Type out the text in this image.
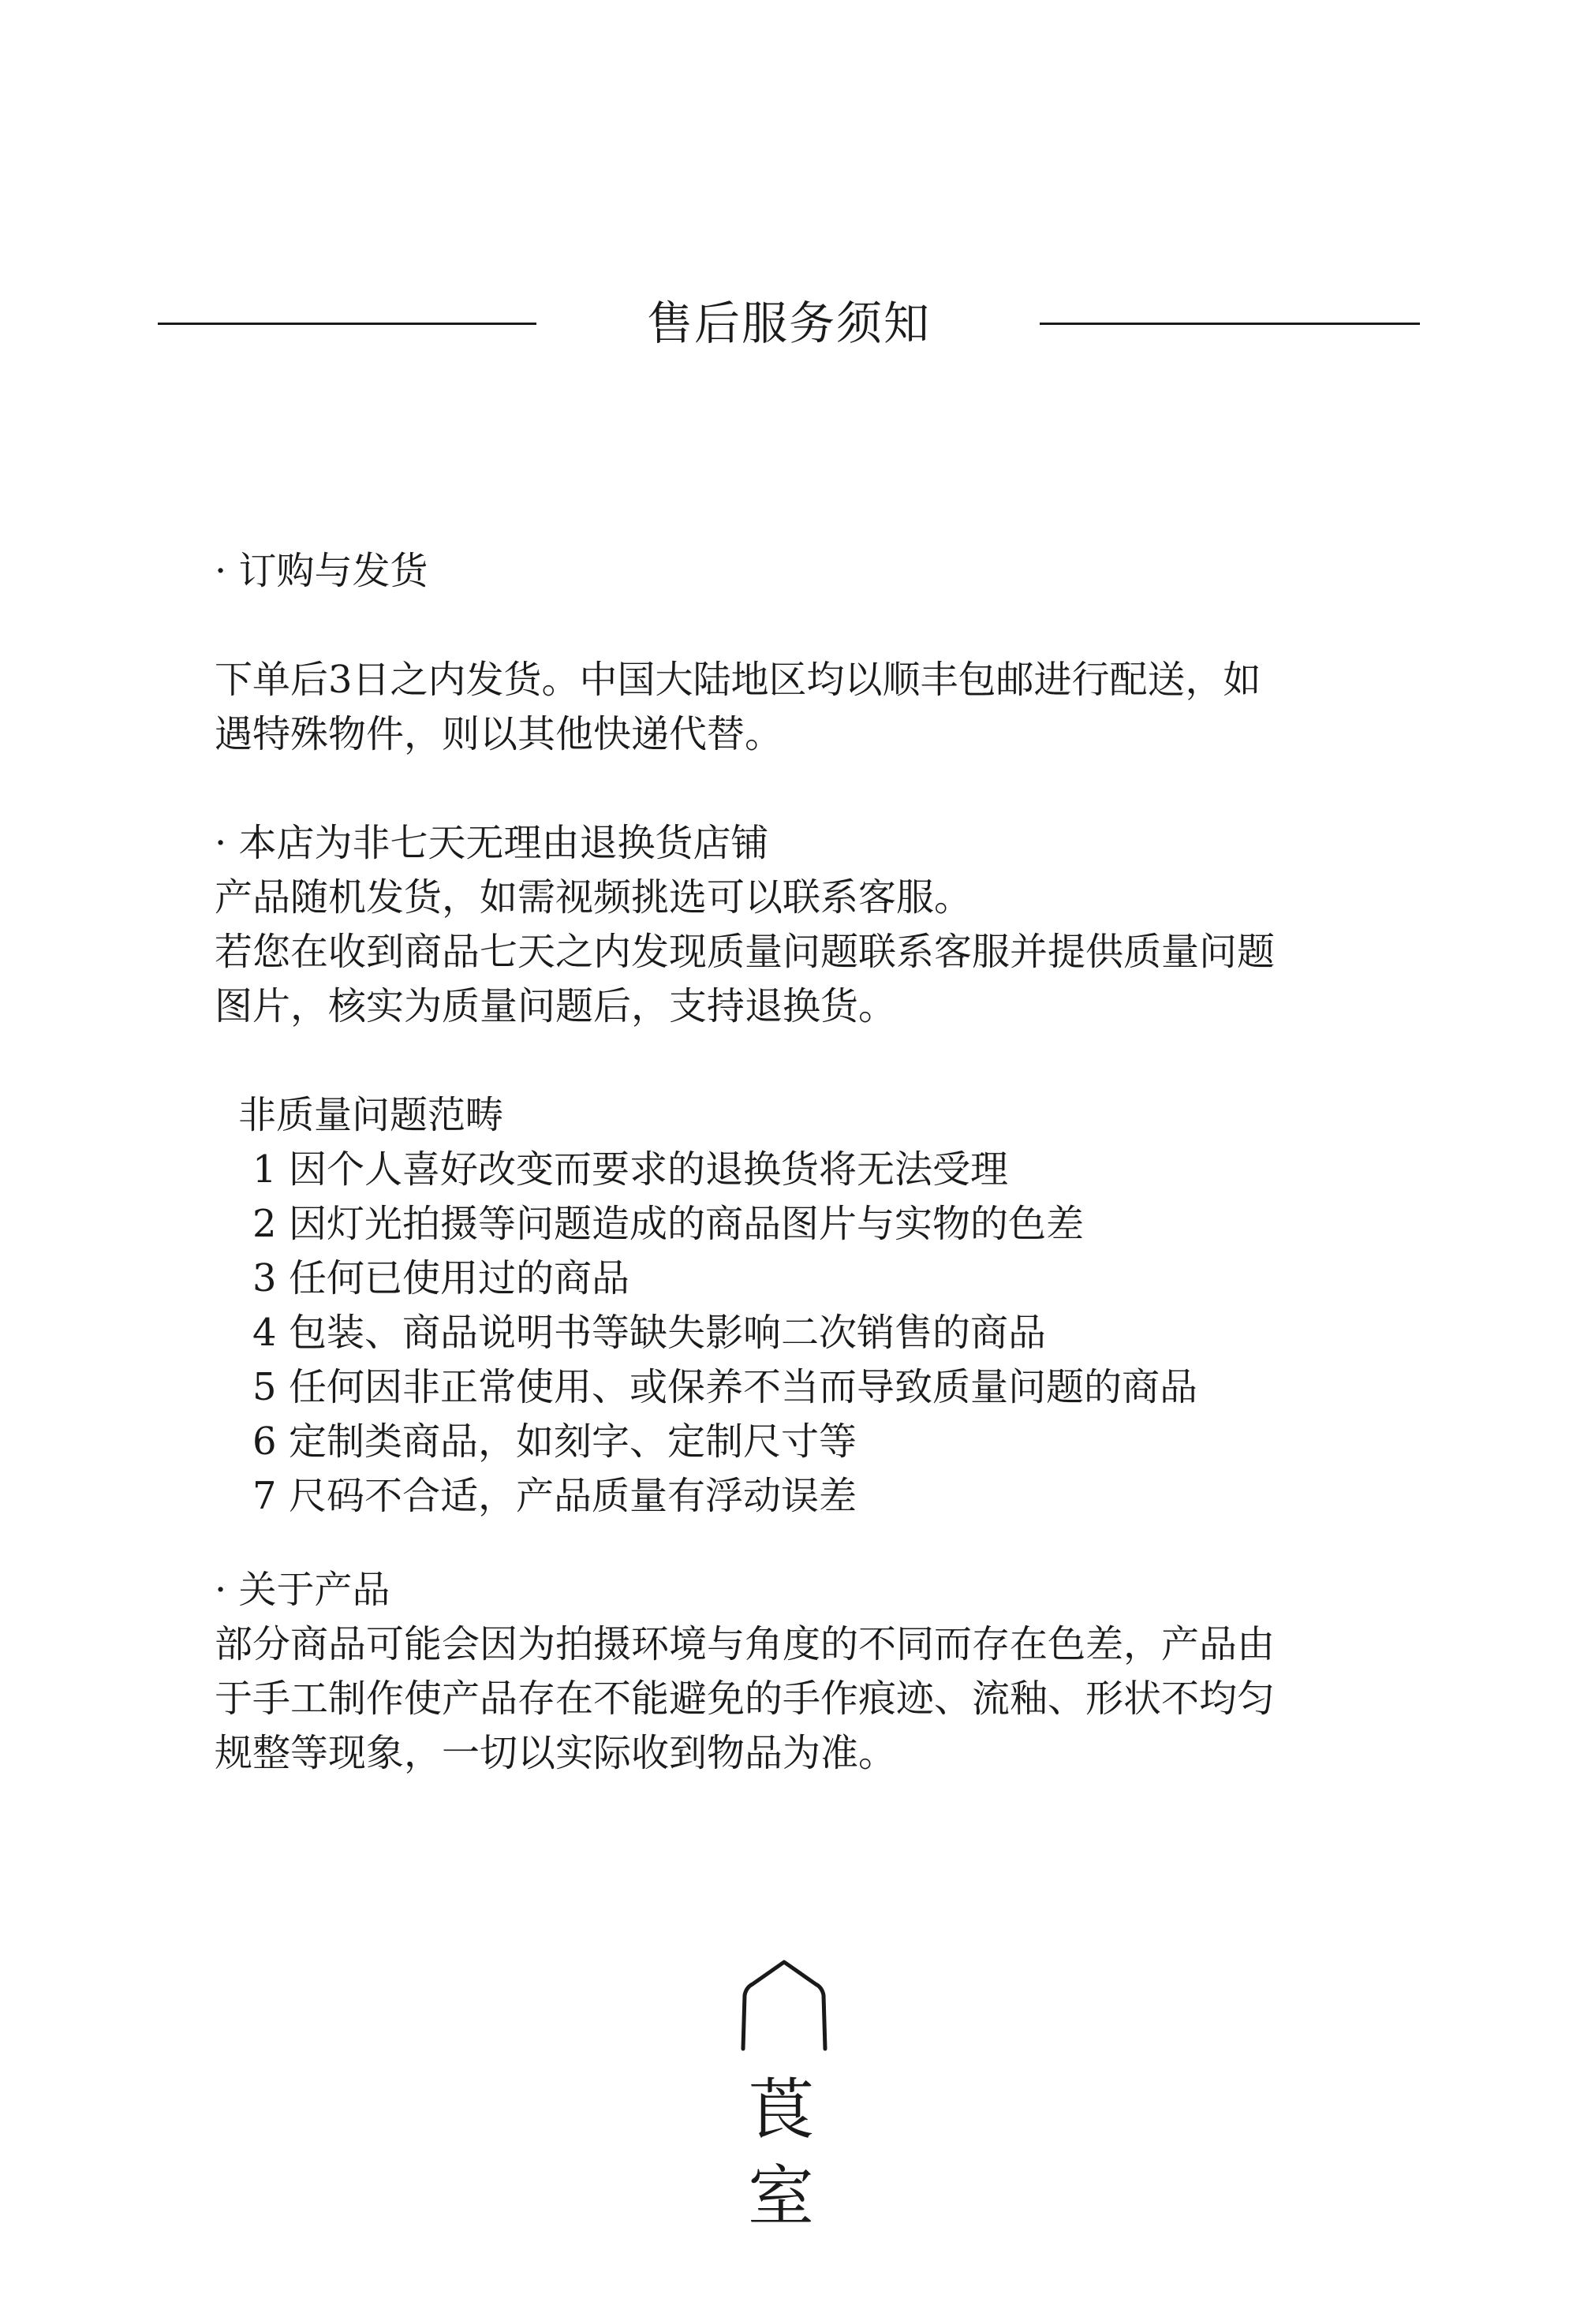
售后服务须知

· 订购与发货

下单后3日之内发货。中国大陆地区均以顺丰包邮进行配送，如

遇特殊物件，则以其他快递代替。

· 本店为非七天无理由退换货店铺

产品随机发货，如需视频挑选可以联系客服。

若您在收到商品七天之内发现质量问题联系客服并提供质量问题

图片，核实为质量问题后，支持退换货。

非质量问题范畴

1 因个人喜好改变而要求的退换货将无法受理

2 因灯光拍摄等问题造成的商品图片与实物的色差

3 任何已使用过的商品

4 包装、商品说明书等缺失影响二次销售的商品

5 任何因非正常使用、或保养不当而导致质量问题的商品

6 定制类商品，如刻字、定制尺寸等

7 尺码不合适，产品质量有浮动误差

· 关于产品

部分商品可能会因为拍摄环境与角度的不同而存在色差，产品由

于手工制作使产品存在不能避免的手作痕迹、流釉、形状不均匀

规整等现象，一切以实际收到物品为准。

莨室
